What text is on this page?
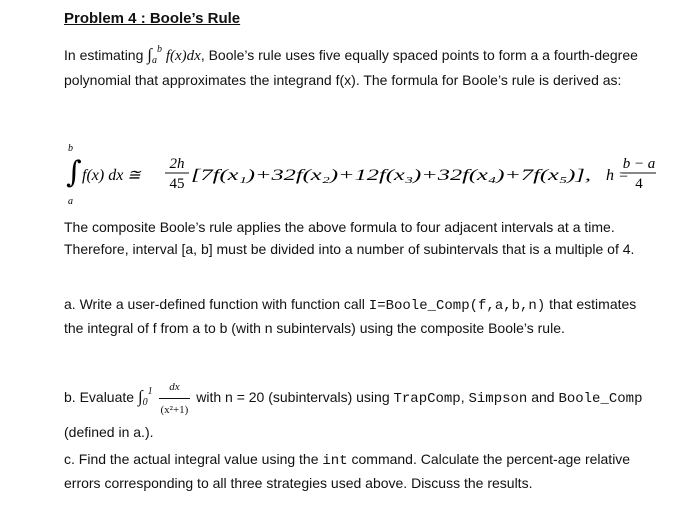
Problem 4 : Boole’s Rule
In estimating $\int_a^b$ f(x)dx, Boole’s rule uses five equally spaced points to form a a fourth-degree polynomial that approximates the integrand f(x). The formula for Boole’s rule is derived as:
∫
b
a
f(x) dx ≅
2h
45 [7f(x₁)+32f(x₂)+12f(x₃)+32f(x₄)+7f(x₅)], h =
b − a
4
The composite Boole’s rule applies the above formula to four adjacent intervals at a time. Therefore, interval [a, b] must be divided into a number of subintervals that is a multiple of 4.
a. Write a user-defined function with function call I=Boole_Comp(f,a,b,n) that estimates the integral of f from a to b (with n subintervals) using the composite Boole’s rule.
b. Evaluate $\int_0^1 \frac{dx}{\text{(x²+1)}}$ with n = 20 (subintervals) using TrapComp, Simpson and Boole_Comp (defined in a.).
c. Find the actual integral value using the int command. Calculate the percent-age relative errors corresponding to all three strategies used above. Discuss the results.
